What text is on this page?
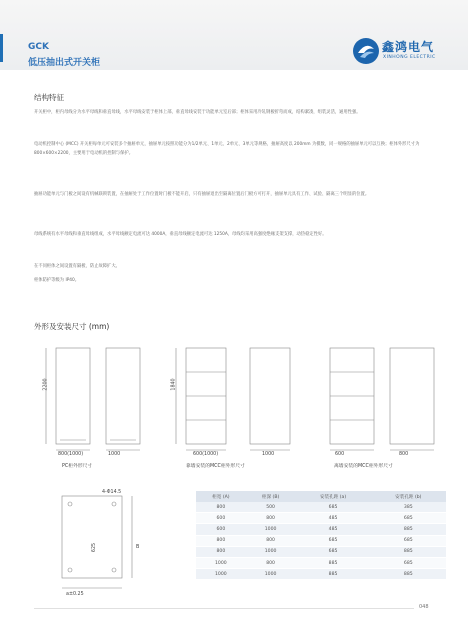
GCK
低压抽出式开关柜
鑫鸿电气
XINHONG ELECTRIC
结构特征

开关柜中，柜内母线分为水平母线和垂直母线，水平母线安装于柜体上部，垂直母线安装于功能单元室后部；柜体采用冷轧钢板折弯而成，结构紧凑，组装灵活，通用性强。

电动机控制中心 (MCC) 开关柜每单元可安装多个抽屉单元，抽屉单元按照功能分为1/2单元、1单元、2单元、3单元等规格，抽屉高度以 200mm 为模数，同一规格的抽屉单元可以互换；柜体外形尺寸为 800×600×2200，主要用于电动机的控制与保护。

抽屉功能单元与门板之间设有机械联锁装置，在抽屉处于工作位置时门板不能开启，只有抽屉退出至隔离位置后门板方可打开，抽屉单元具有工作、试验、隔离三个明显的位置。

母线系统有水平母线和垂直母线组成，水平母线额定电流可达 4000A，垂直母线额定电流可达 1250A，母线均采用高强度绝缘支架支撑，动热稳定性好。

在不同柜体之间设置有隔板，防止故障扩大。

柜体防护等级为 IP40。

外形及安装尺寸 (mm)
2200
800(1000)	1000
PC柜外形尺寸
1840
600(1000)	1000
靠墙安装的MCC柜外形尺寸
600	800
离墙安装的MCC柜外形尺寸
4-Φ14.5
625	B
a±0.25
柜宽 (A)	柜深 (B)	安装孔距 (a)	安装孔距 (b)
800	500	685	385
600	800	485	685
600	1000	485	885
800	800	685	685
800	1000	685	885
1000	800	885	685
1000	1000	885	885
048
